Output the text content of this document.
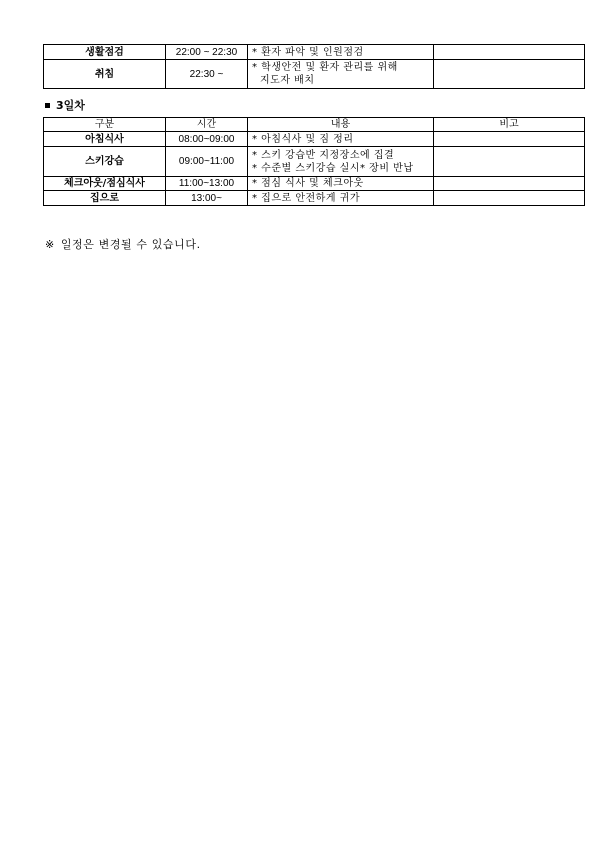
생활점검	22:00 ~ 22:30	* 환자 파악 및 인원점검	
취침	22:30 ~	* 학생안전 및 환자 관리를 위해
지도자 배치	

3일차
구분	시간	내용	비고
아침식사	08:00~09:00	* 아침식사 및 짐 정리	
스키강습	09:00~11:00	* 스키 강습반 지정장소에 집결
* 수준별 스키강습 실시* 장비 반납	

체크아웃/점심식사	11:00~13:00	* 점심 식사 및 체크아웃	
집으로	13:00~	* 집으로 안전하게 귀가	
※ 일정은 변경될 수 있습니다.
